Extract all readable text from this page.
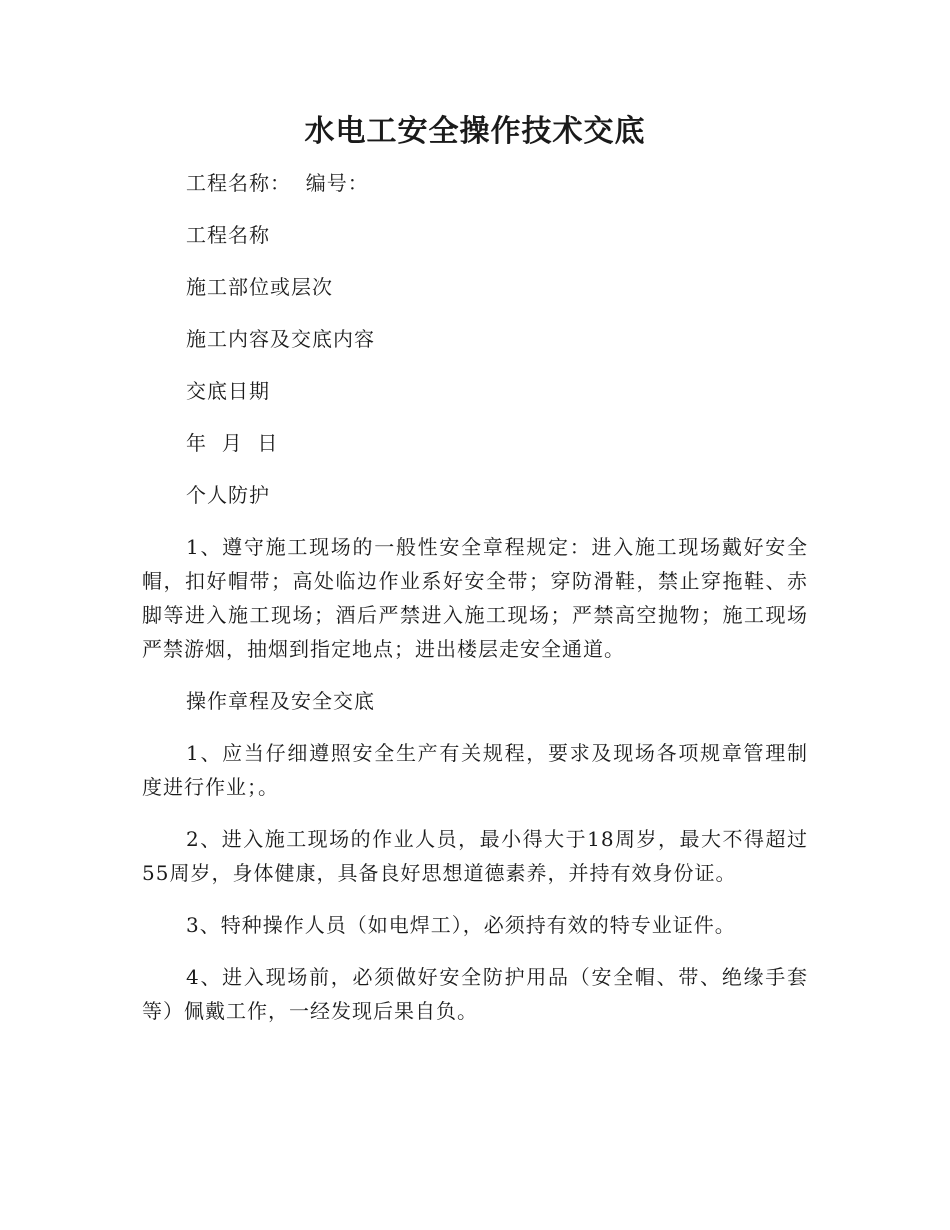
水电工安全操作技术交底

工程名称：  编号：

工程名称

施工部位或层次

施工内容及交底内容

交底日期

年  月  日

个人防护

1、遵守施工现场的一般性安全章程规定：进入施工现场戴好安全帽，扣好帽带；高处临边作业系好安全带；穿防滑鞋，禁止穿拖鞋、赤脚等进入施工现场；酒后严禁进入施工现场；严禁高空抛物；施工现场严禁游烟，抽烟到指定地点；进出楼层走安全通道。

操作章程及安全交底

1、应当仔细遵照安全生产有关规程，要求及现场各项规章管理制度进行作业；。

2、进入施工现场的作业人员，最小得大于18周岁，最大不得超过55周岁，身体健康，具备良好思想道德素养，并持有效身份证。

3、特种操作人员（如电焊工），必须持有效的特专业证件。

4、进入现场前，必须做好安全防护用品（安全帽、带、绝缘手套等）佩戴工作，一经发现后果自负。
